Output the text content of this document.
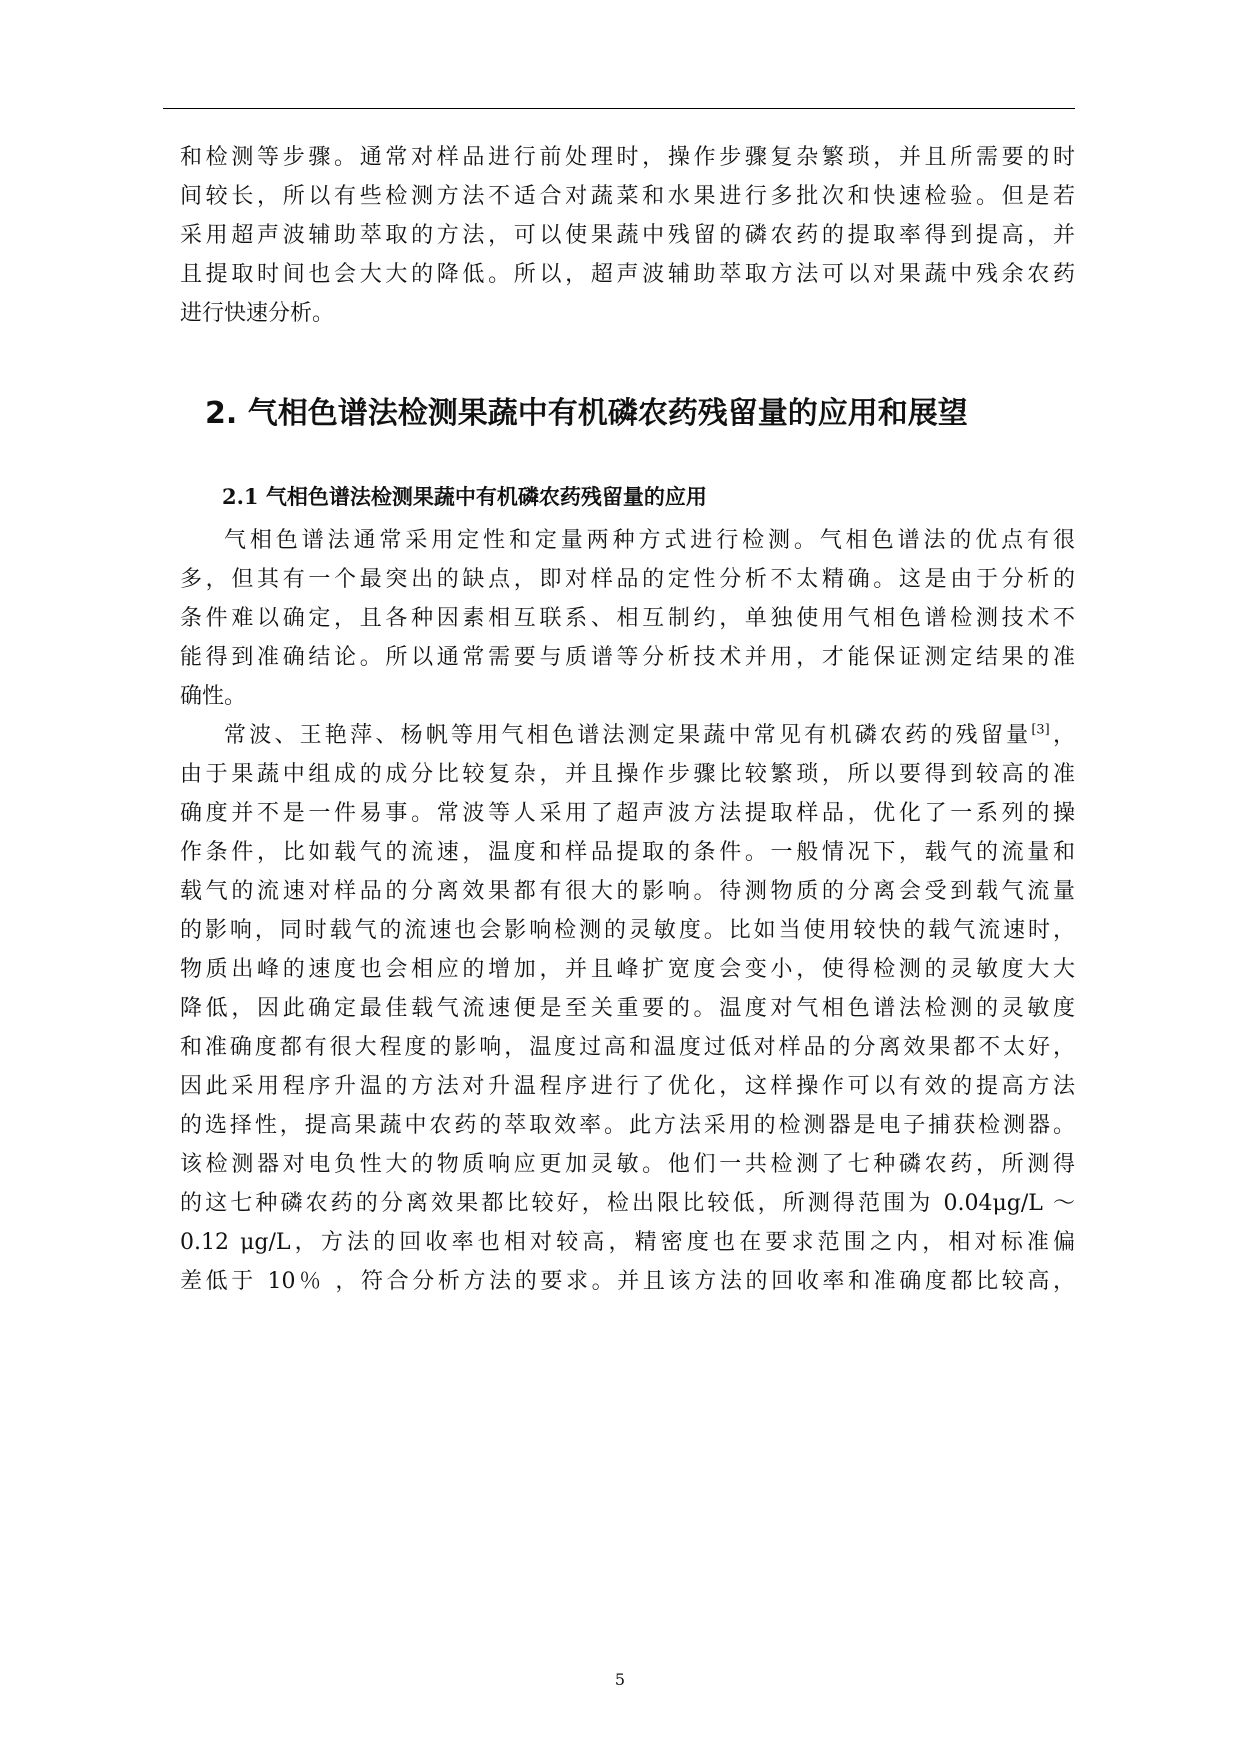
和检测等步骤。通常对样品进行前处理时，操作步骤复杂繁琐，并且所需要的时
间较长，所以有些检测方法不适合对蔬菜和水果进行多批次和快速检验。但是若
采用超声波辅助萃取的方法，可以使果蔬中残留的磷农药的提取率得到提高，并
且提取时间也会大大的降低。所以，超声波辅助萃取方法可以对果蔬中残余农药
进行快速分析。
2. 气相色谱法检测果蔬中有机磷农药残留量的应用和展望
2.1 气相色谱法检测果蔬中有机磷农药残留量的应用
气相色谱法通常采用定性和定量两种方式进行检测。气相色谱法的优点有很
多，但其有一个最突出的缺点，即对样品的定性分析不太精确。这是由于分析的
条件难以确定，且各种因素相互联系、相互制约，单独使用气相色谱检测技术不
能得到准确结论。所以通常需要与质谱等分析技术并用，才能保证测定结果的准
确性。
常波、王艳萍、杨帆等用气相色谱法测定果蔬中常见有机磷农药的残留量[3]，
由于果蔬中组成的成分比较复杂，并且操作步骤比较繁琐，所以要得到较高的准
确度并不是一件易事。常波等人采用了超声波方法提取样品，优化了一系列的操
作条件，比如载气的流速，温度和样品提取的条件。一般情况下，载气的流量和
载气的流速对样品的分离效果都有很大的影响。待测物质的分离会受到载气流量
的影响，同时载气的流速也会影响检测的灵敏度。比如当使用较快的载气流速时，
物质出峰的速度也会相应的增加，并且峰扩宽度会变小，使得检测的灵敏度大大
降低，因此确定最佳载气流速便是至关重要的。温度对气相色谱法检测的灵敏度
和准确度都有很大程度的影响，温度过高和温度过低对样品的分离效果都不太好，
因此采用程序升温的方法对升温程序进行了优化，这样操作可以有效的提高方法
的选择性，提高果蔬中农药的萃取效率。此方法采用的检测器是电子捕获检测器。
该检测器对电负性大的物质响应更加灵敏。他们一共检测了七种磷农药，所测得
的这七种磷农药的分离效果都比较好，检出限比较低，所测得范围为 0.04μg/L ～
0.12 μg/L，方法的回收率也相对较高，精密度也在要求范围之内，相对标准偏
差低于 10％ ，符合分析方法的要求。并且该方法的回收率和准确度都比较高，
5
